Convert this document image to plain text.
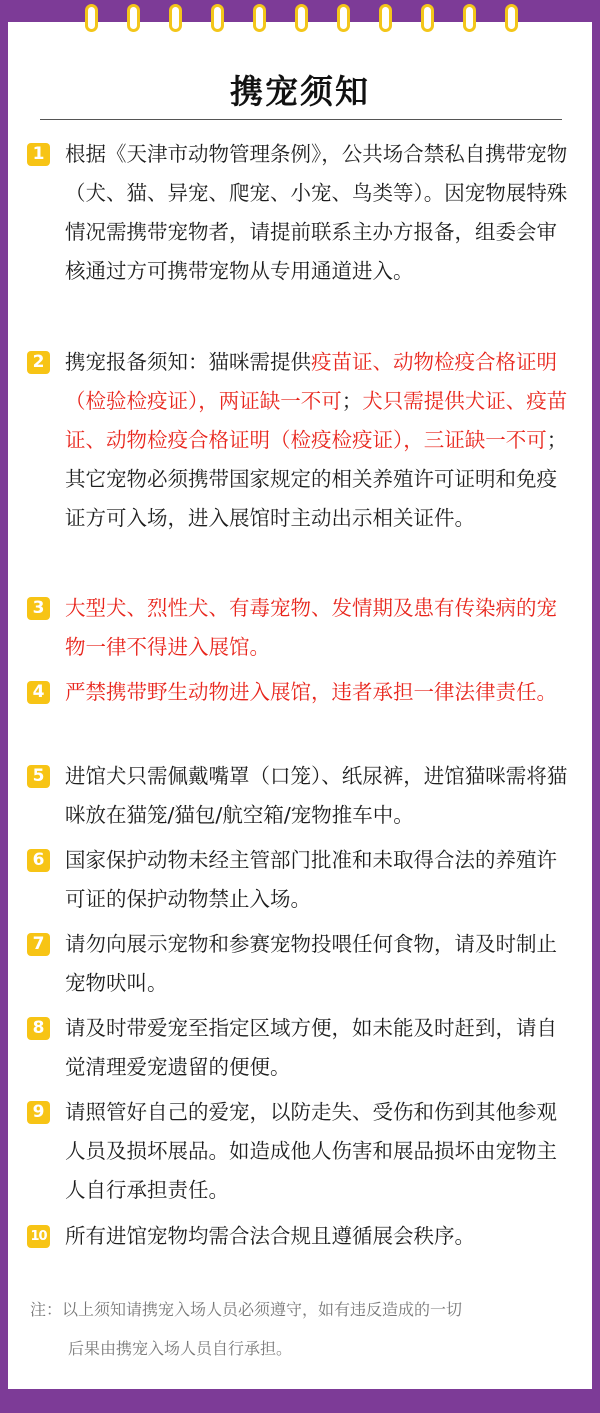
携宠须知
1 根据《天津市动物管理条例》，公共场合禁私自携带宠物（犬、猫、异宠、爬宠、小宠、鸟类等）。因宠物展特殊情况需携带宠物者，请提前联系主办方报备，组委会审核通过方可携带宠物从专用通道进入。

2 携宠报备须知：猫咪需提供疫苗证、动物检疫合格证明（检验检疫证），两证缺一不可；犬只需提供犬证、疫苗证、动物检疫合格证明（检疫检疫证），三证缺一不可；其它宠物必须携带国家规定的相关养殖许可证明和免疫证方可入场，进入展馆时主动出示相关证件。

3 大型犬、烈性犬、有毒宠物、发情期及患有传染病的宠物一律不得进入展馆。

4 严禁携带野生动物进入展馆，违者承担一律法律责任。

5 进馆犬只需佩戴嘴罩（口笼）、纸尿裤，进馆猫咪需将猫咪放在猫笼/猫包/航空箱/宠物推车中。

6 国家保护动物未经主管部门批准和未取得合法的养殖许可证的保护动物禁止入场。

7 请勿向展示宠物和参赛宠物投喂任何食物，请及时制止宠物吠叫。

8 请及时带爱宠至指定区域方便，如未能及时赶到，请自觉清理爱宠遗留的便便。

9 请照管好自己的爱宠，以防走失、受伤和伤到其他参观人员及损坏展品。如造成他人伤害和展品损坏由宠物主人自行承担责任。

10 所有进馆宠物均需合法合规且遵循展会秩序。

注：以上须知请携宠入场人员必须遵守，如有违反造成的一切
后果由携宠入场人员自行承担。
